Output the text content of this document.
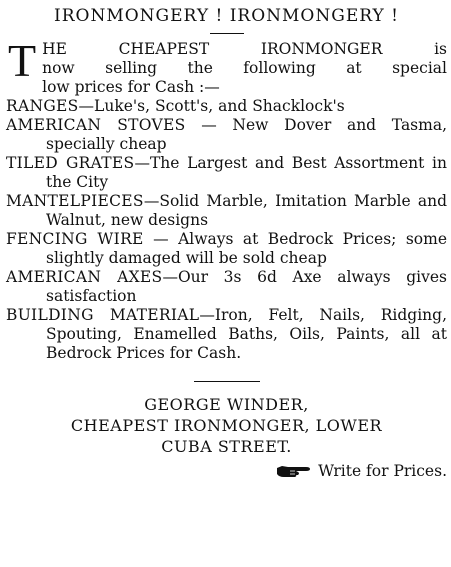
IRONMONGERY ! IRONMONGERY !
T HE CHEAPEST IRONMONGER is
now selling the following at special
low prices for Cash :—

RANGES—Luke's, Scott's, and Shacklock's

AMERICAN STOVES — New Dover and Tasma, specially cheap

TILED GRATES—The Largest and Best Assortment in the City

MANTELPIECES—Solid Marble, Imitation Marble and Walnut, new designs

FENCING WIRE — Always at Bedrock Prices; some slightly damaged will be sold cheap

AMERICAN AXES—Our 3s 6d Axe always gives satisfaction

BUILDING MATERIAL—Iron, Felt, Nails, Ridging, Spouting, Enamelled Baths, Oils, Paints, all at Bedrock Prices for Cash.

GEORGE WINDER,
CHEAPEST IRONMONGER, LOWER
CUBA STREET.
Write for Prices.
